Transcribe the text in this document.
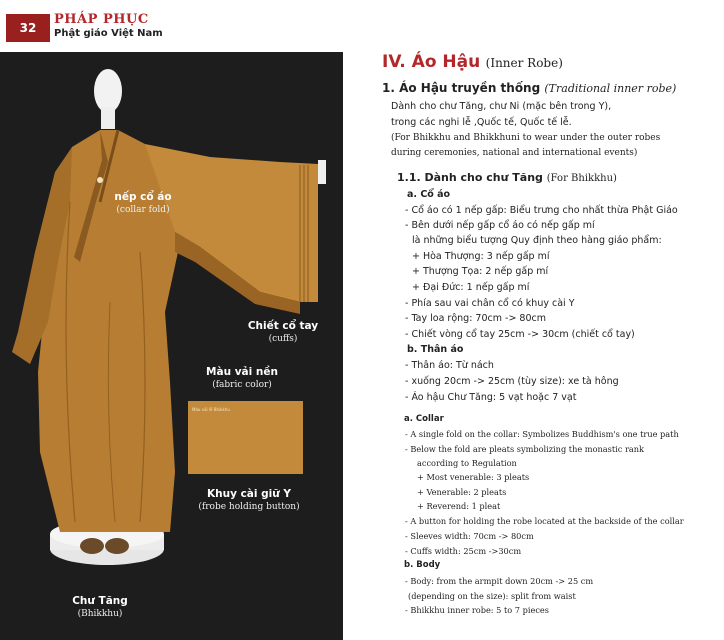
32
PHÁP PHỤC
Phật giáo Việt Nam
nếp cổ áo
(collar fold)
Chiết cổ tay
(cuffs)
Màu vải nền
(fabric color)
Màu vải lễ Bhikkhu
Khuy cài giữ Y
(frobe holding button)
Chư Tăng
(Bhikkhu)
IV. Áo Hậu (Inner Robe)
1. Áo Hậu truyền thống (Traditional inner robe)
Dành cho chư Tăng, chư Ni (mặc bên trong Y),
trong các nghi lễ ,Quốc tế, Quốc tế lễ.
(For Bhikkhu and Bhikkhuni to wear under the outer robes
during ceremonies, national and international events)
1.1. Dành cho chư Tăng (For Bhikkhu)
a. Cổ áo
- Cổ áo có 1 nếp gấp: Biểu trưng cho nhất thừa Phật Giáo
- Bên dưới nếp gấp cổ áo có nếp gấp mí
là những biểu tượng Quy định theo hàng giáo phẩm:
+ Hòa Thượng: 3 nếp gấp mí
+ Thượng Tọa: 2 nếp gấp mí
+ Đại Đức: 1 nếp gấp mí
- Phía sau vai chân cổ có khuy cài Y
- Tay loa rộng: 70cm -> 80cm
- Chiết vòng cổ tay 25cm -> 30cm (chiết cổ tay)
b. Thân áo
- Thân áo: Từ nách
- xuống 20cm -> 25cm (tùy size): xe tà hông
- Áo hậu Chư Tăng: 5 vạt hoặc 7 vạt
a. Collar
- A single fold on the collar: Symbolizes Buddhism's one true path
- Below the fold are pleats symbolizing the monastic rank
according to Regulation
+ Most venerable: 3 pleats
+ Venerable: 2 pleats
+ Reverend: 1 pleat
- A button for holding the robe located at the backside of the collar
- Sleeves width: 70cm -> 80cm
- Cuffs width: 25cm ->30cm
b. Body
- Body: from the armpit down 20cm -> 25 cm
(depending on the size): split from waist
- Bhikkhu inner robe: 5 to 7 pieces
